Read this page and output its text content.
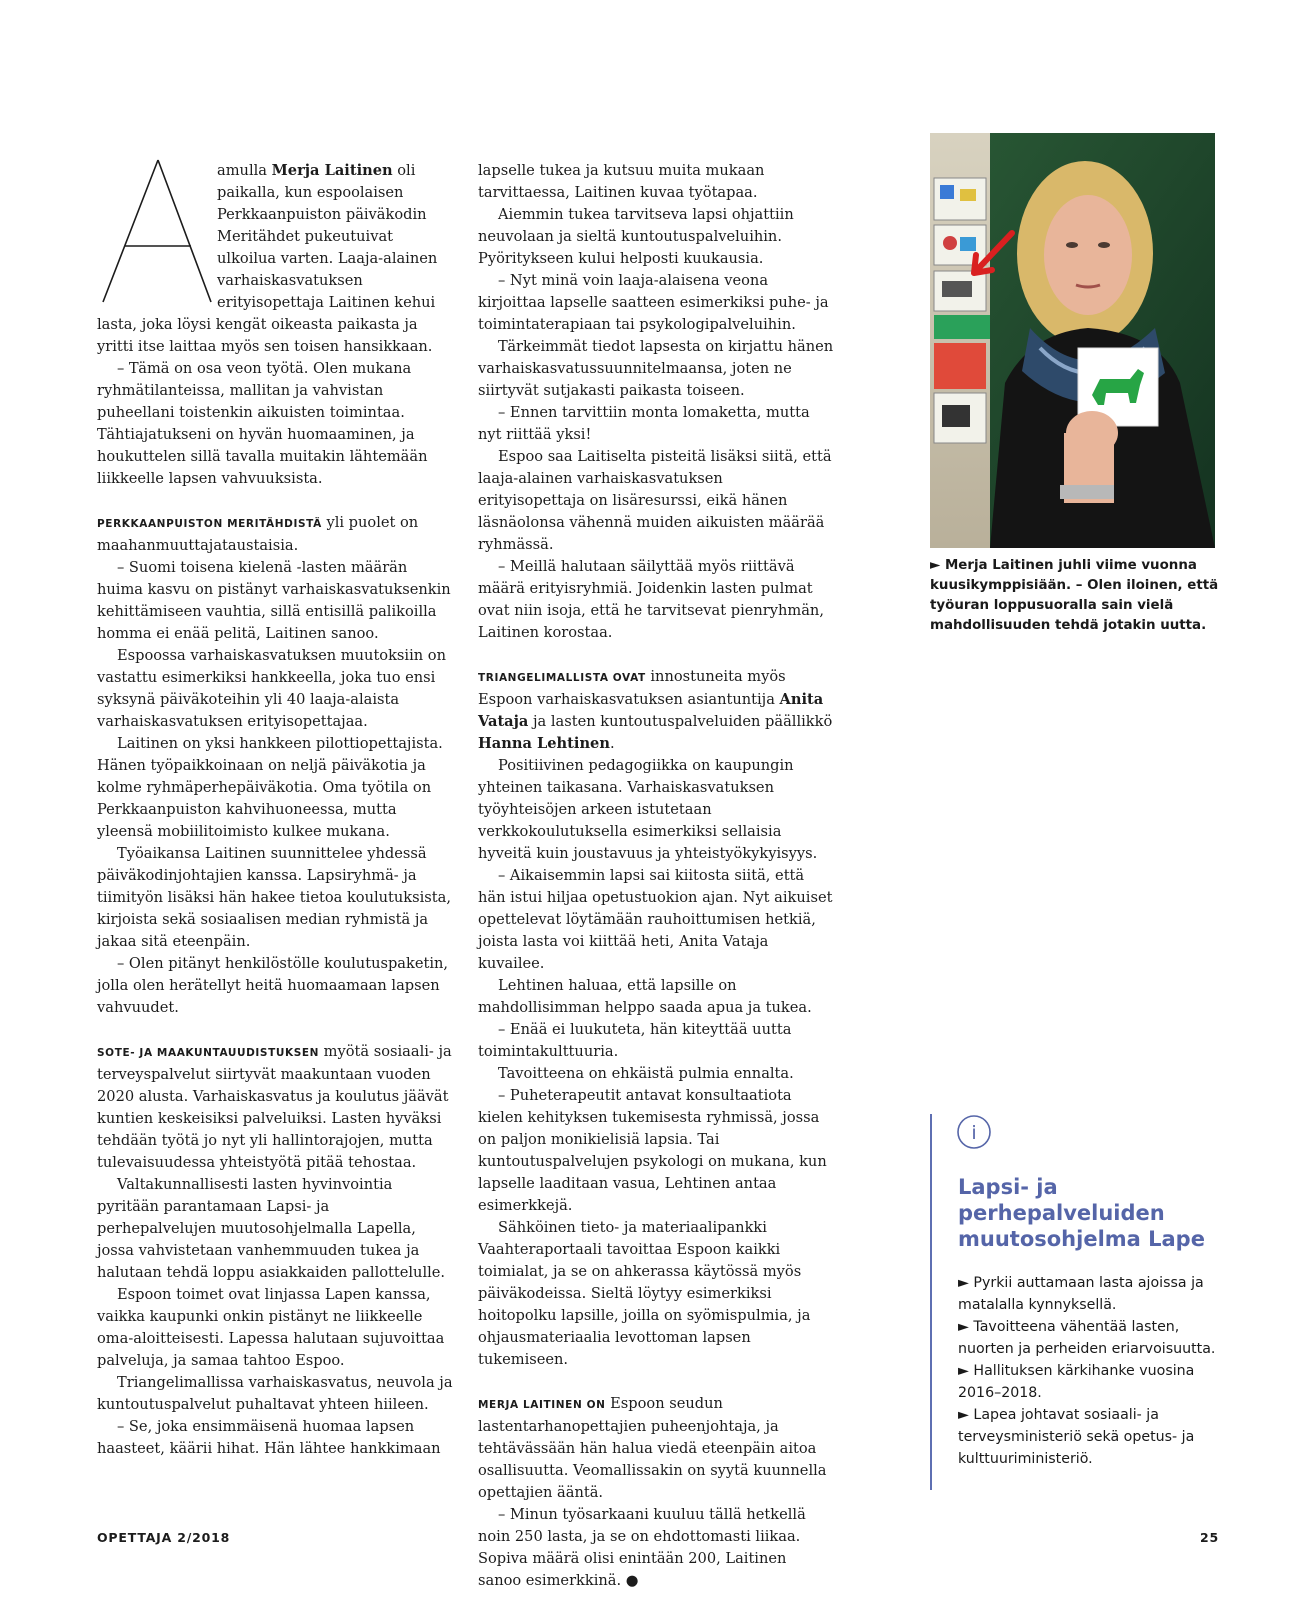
amulla Merja Laitinen oli paikalla, kun espoolaisen Perkkaanpuiston päiväkodin Meritähdet pukeutuivat ulkoilua varten. Laaja-alainen varhaiskasvatuksen erityisopettaja Laitinen kehui lasta, joka löysi kengät oikeasta paikasta ja yritti itse laittaa myös sen toisen hansikkaan.

– Tämä on osa veon työtä. Olen mukana ryhmätilanteissa, mallitan ja vahvistan puheellani toistenkin aikuisten toimintaa. Tähtiajatukseni on hyvän huomaaminen, ja houkuttelen sillä tavalla muitakin lähtemään liikkeelle lapsen vahvuuksista.

PERKKAANPUISTON MERITÄHDISTÄ yli puolet on maahanmuuttajataustaisia.

– Suomi toisena kielenä -lasten määrän huima kasvu on pistänyt varhaiskasvatuksenkin kehittämiseen vauhtia, sillä entisillä palikoilla homma ei enää pelitä, Laitinen sanoo.

Espoossa varhaiskasvatuksen muutoksiin on vastattu esimerkiksi hankkeella, joka tuo ensi syksynä päiväkoteihin yli 40 laaja-alaista varhaiskasvatuksen erityisopettajaa.

Laitinen on yksi hankkeen pilottiopettajista. Hänen työpaikkoinaan on neljä päiväkotia ja kolme ryhmäperhepäiväkotia. Oma työtila on Perkkaanpuiston kahvihuoneessa, mutta yleensä mobiilitoimisto kulkee mukana.

Työaikansa Laitinen suunnittelee yhdessä päiväkodinjohtajien kanssa. Lapsiryhmä- ja tiimityön lisäksi hän hakee tietoa koulutuksista, kirjoista sekä sosiaalisen median ryhmistä ja jakaa sitä eteenpäin.

– Olen pitänyt henkilöstölle koulutuspaketin, jolla olen herätellyt heitä huomaamaan lapsen vahvuudet.

SOTE- JA MAAKUNTAUUDISTUKSEN myötä sosiaali- ja terveyspalvelut siirtyvät maakuntaan vuoden 2020 alusta. Varhaiskasvatus ja koulutus jäävät kuntien keskeisiksi palveluiksi. Lasten hyväksi tehdään työtä jo nyt yli hallintorajojen, mutta tulevaisuudessa yhteistyötä pitää tehostaa.

Valtakunnallisesti lasten hyvinvointia pyritään parantamaan Lapsi- ja perhepalvelujen muutosohjelmalla Lapella, jossa vahvistetaan vanhemmuuden tukea ja halutaan tehdä loppu asiakkaiden pallottelulle.

Espoon toimet ovat linjassa Lapen kanssa, vaikka kaupunki onkin pistänyt ne liikkeelle oma-aloitteisesti. Lapessa halutaan sujuvoittaa palveluja, ja samaa tahtoo Espoo.

Triangelimallissa varhaiskasvatus, neuvola ja kuntoutuspalvelut puhaltavat yhteen hiileen.

– Se, joka ensimmäisenä huomaa lapsen haasteet, käärii hihat. Hän lähtee hankkimaan

lapselle tukea ja kutsuu muita mukaan tarvittaessa, Laitinen kuvaa työtapaa.

Aiemmin tukea tarvitseva lapsi ohjattiin neuvolaan ja sieltä kuntoutuspalveluihin. Pyöritykseen kului helposti kuukausia.

– Nyt minä voin laaja-alaisena veona kirjoittaa lapselle saatteen esimerkiksi puhe- ja toimintaterapiaan tai psykologipalveluihin.

Tärkeimmät tiedot lapsesta on kirjattu hänen varhaiskasvatussuunnitelmaansa, joten ne siirtyvät sutjakasti paikasta toiseen.

– Ennen tarvittiin monta lomaketta, mutta nyt riittää yksi!

Espoo saa Laitiselta pisteitä lisäksi siitä, että laaja-alainen varhaiskasvatuksen erityisopettaja on lisäresurssi, eikä hänen läsnäolonsa vähennä muiden aikuisten määrää ryhmässä.

– Meillä halutaan säilyttää myös riittävä määrä erityisryhmiä. Joidenkin lasten pulmat ovat niin isoja, että he tarvitsevat pienryhmän, Laitinen korostaa.

TRIANGELIMALLISTA OVAT innostuneita myös Espoon varhaiskasvatuksen asiantuntija Anita Vataja ja lasten kuntoutuspalveluiden päällikkö Hanna Lehtinen.

Positiivinen pedagogiikka on kaupungin yhteinen taikasana. Varhaiskasvatuksen työyhteisöjen arkeen istutetaan verkkokoulutuksella esimerkiksi sellaisia hyveitä kuin joustavuus ja yhteistyökykyisyys.

– Aikaisemmin lapsi sai kiitosta siitä, että hän istui hiljaa opetustuokion ajan. Nyt aikuiset opettelevat löytämään rauhoittumisen hetkiä, joista lasta voi kiittää heti, Anita Vataja kuvailee.

Lehtinen haluaa, että lapsille on mahdollisimman helppo saada apua ja tukea.

– Enää ei luukuteta, hän kiteyttää uutta toimintakulttuuria.

Tavoitteena on ehkäistä pulmia ennalta.

– Puheterapeutit antavat konsultaatiota kielen kehityksen tukemisesta ryhmissä, jossa on paljon monikielisiä lapsia. Tai kuntoutuspalvelujen psykologi on mukana, kun lapselle laaditaan vasua, Lehtinen antaa esimerkkejä.

Sähköinen tieto- ja materiaalipankki Vaahteraportaali tavoittaa Espoon kaikki toimialat, ja se on ahkerassa käytössä myös päiväkodeissa. Sieltä löytyy esimerkiksi hoitopolku lapsille, joilla on syömispulmia, ja ohjausmateriaalia levottoman lapsen tukemiseen.

MERJA LAITINEN ON Espoon seudun lastentarhanopettajien puheenjohtaja, ja tehtävässään hän halua viedä eteenpäin aitoa osallisuutta. Veomallissakin on syytä kuunnella opettajien ääntä.

– Minun työsarkaani kuuluu tällä hetkellä noin 250 lasta, ja se on ehdottomasti liikaa. Sopiva määrä olisi enintään 200, Laitinen sanoo esimerkkinä. ●

► Merja Laitinen juhli viime vuonna kuusikymppisiään. – Olen iloinen, että työuran loppusuoralla sain vielä mahdollisuuden tehdä jotakin uutta.
i
Lapsi- ja perhepalveluiden muutosohjelma Lape
► Pyrkii auttamaan lasta ajoissa ja matalalla kynnyksellä.
► Tavoitteena vähentää lasten, nuorten ja perheiden eriarvoisuutta.
► Hallituksen kärkihanke vuosina 2016–2018.
► Lapea johtavat sosiaali- ja terveysministeriö sekä opetus- ja kulttuuriministeriö.
OPETTAJA 2/2018	25
